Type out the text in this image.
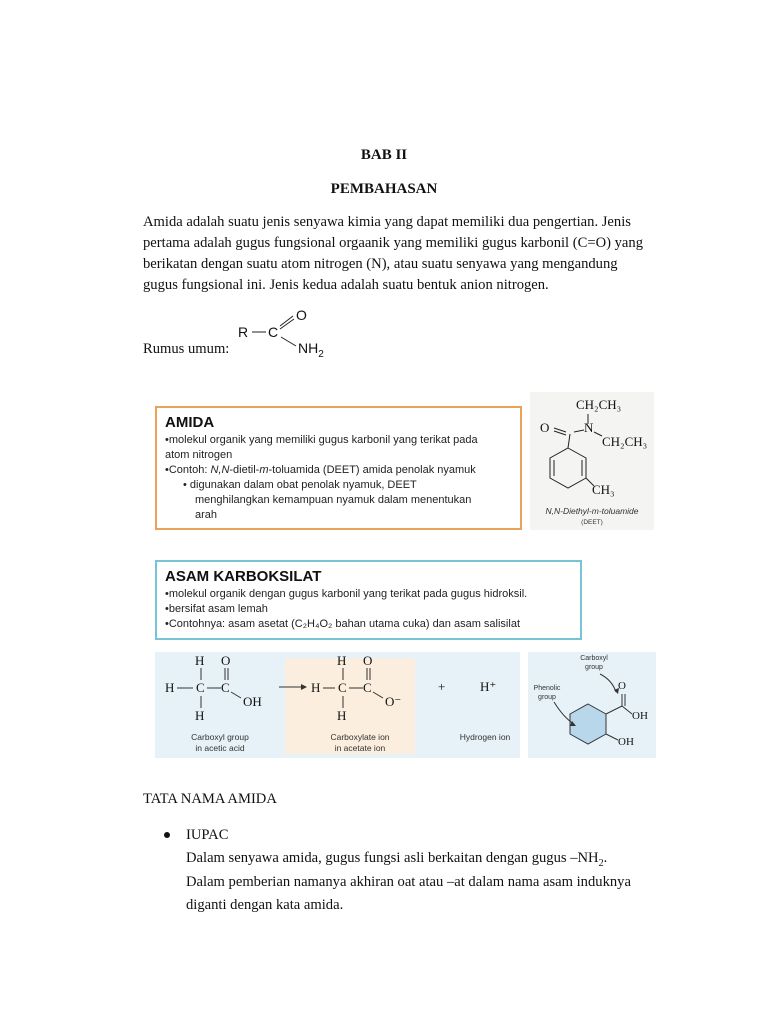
BAB II
PEMBAHASAN
Amida adalah suatu jenis senyawa kimia yang dapat memiliki dua pengertian. Jenis
pertama adalah gugus fungsional orgaanik yang memiliki gugus karbonil (C=O) yang
berikatan dengan suatu atom nitrogen (N), atau suatu senyawa yang mengandung
gugus fungsional ini. Jenis kedua adalah suatu bentuk anion nitrogen.
Rumus umum:
R C
O
$NH_2$
AMIDA
•molekul organik yang memiliki gugus karbonil yang terikat pada
atom nitrogen
•Contoh: N,N-dietil-m-toluamida (DEET) amida penolak nyamuk
• digunakan dalam obat penolak nyamuk, DEET
menghilangkan kemampuan nyamuk dalam menentukan
arah
CH₂CH₃
O	N
CH₂CH₃
CH₃
N,N-Diethyl-m-toluamide
(DEET)
ASAM KARBOKSILAT
•molekul organik dengan gugus karbonil yang terikat pada gugus hidroksil.
•bersifat asam lemah
•Contohnya: asam asetat (C₂H₄O₂ bahan utama cuka) dan asam salisilat
H O
H C C
OH
H
H O
H C C
O⁻
H
+	H⁺
Carboxyl group
in acetic acid
Carboxylate ion
in acetate ion
Hydrogen ion
Carboxyl
group
Phenolic
group
O
OH
OH
TATA NAMA AMIDA
IUPAC
Dalam senyawa amida, gugus fungsi asli berkaitan dengan gugus $-NH_2$.
Dalam pemberian namanya akhiran oat atau –at dalam nama asam induknya
diganti dengan kata amida.
